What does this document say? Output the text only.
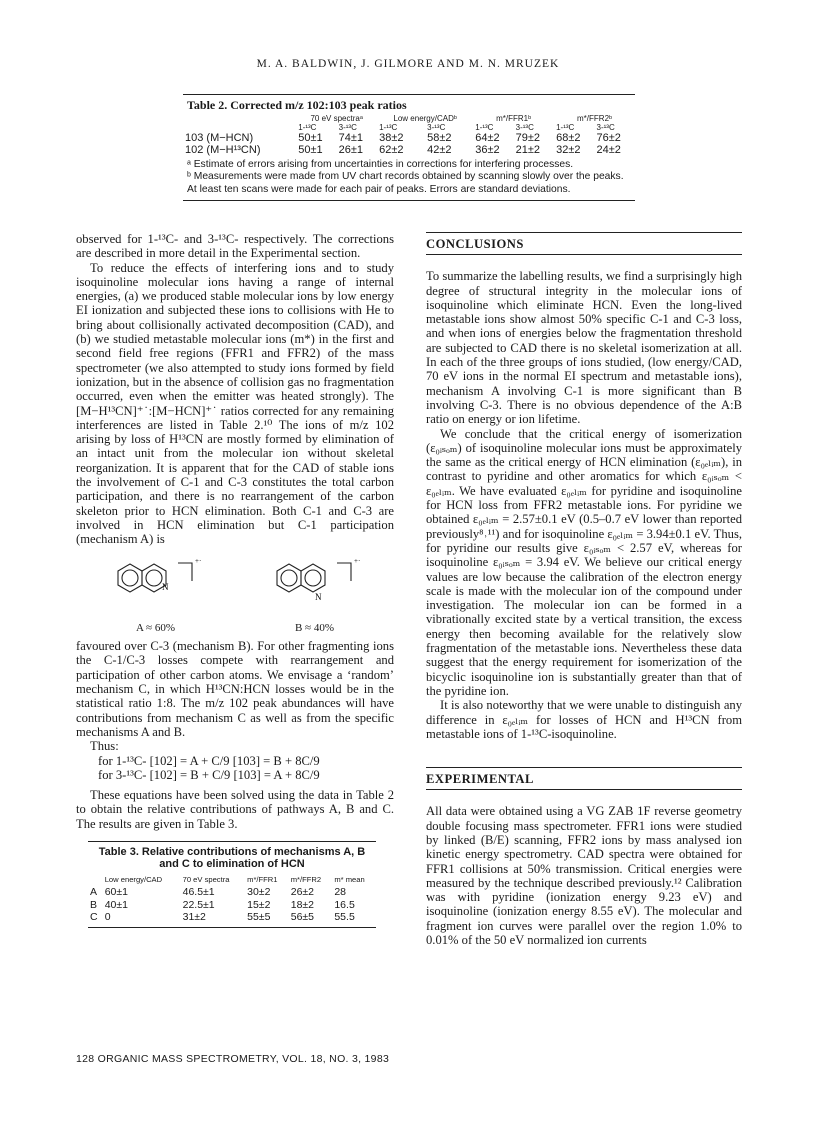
M. A. BALDWIN, J. GILMORE AND M. N. MRUZEK
Table 2. Corrected m/z 102:103 peak ratios
	70 eV spectraᵃ		Low energy/CADᵇ		m*/FFR1ᵇ		m*/FFR2ᵇ	
	1-¹³C	3-¹³C	1-¹³C	3-¹³C	1-¹³C	3-¹³C	1-¹³C	3-¹³C
103 (M−HCN)	50±1	74±1	38±2	58±2	64±2	79±2	68±2	76±2
102 (M−H¹³CN)	50±1	26±1	62±2	42±2	36±2	21±2	32±2	24±2
ᵃ Estimate of errors arising from uncertainties in corrections for interfering processes.
ᵇ Measurements were made from UV chart records obtained by scanning slowly over the peaks. At least ten scans were made for each pair of peaks. Errors are standard deviations.

observed for 1-¹³C- and 3-¹³C- respectively. The corrections are described in more detail in the Experimental section.

To reduce the effects of interfering ions and to study isoquinoline molecular ions having a range of internal energies, (a) we produced stable molecular ions by low energy EI ionization and subjected these ions to collisions with He to bring about collisionally activated decomposition (CAD), and (b) we studied metastable molecular ions (m*) in the first and second field free regions (FFR1 and FFR2) of the mass spectrometer (we also attempted to study ions formed by field ionization, but in the absence of collision gas no fragmentation occurred, even when the emitter was heated strongly). The [M−H¹³CN]⁺˙:[M−HCN]⁺˙ ratios corrected for any remaining interferences are listed in Table 2.¹⁰ The ions of m/z 102 arising by loss of H¹³CN are mostly formed by elimination of an intact unit from the molecular ion without skeletal reorganization. It is apparent that for the CAD of stable ions the involvement of C-1 and C-3 constitutes the total carbon participation, and there is no rearrangement of the carbon skeleton prior to HCN elimination. Both C-1 and C-3 are involved in HCN elimination but C-1 participation (mechanism A) is

N
+·
A ≈ 60%
N
+·
B ≈ 40%

favoured over C-3 (mechanism B). For other fragmenting ions the C-1/C-3 losses compete with rearrangement and participation of other carbon atoms. We envisage a ‘random’ mechanism C, in which H¹³CN:HCN losses would be in the statistical ratio 1:8. The m/z 102 peak abundances will have contributions from mechanism C as well as from the specific mechanisms A and B.

Thus:

for 1-¹³C- [102] = A + C/9 [103] = B + 8C/9

for 3-¹³C- [102] = B + C/9 [103] = A + 8C/9

These equations have been solved using the data in Table 2 to obtain the relative contributions of pathways A, B and C. The results are given in Table 3.

Table 3. Relative contributions of mechanisms A, B and C to elimination of HCN
	Low energy/CAD	70 eV spectra	m*/FFR1	m*/FFR2	m* mean
A	60±1	46.5±1	30±2	26±2	28
B	40±1	22.5±1	15±2	18±2	16.5
C	0	31±2	55±5	56±5	55.5
CONCLUSIONS

To summarize the labelling results, we find a surprisingly high degree of structural integrity in the molecular ions of isoquinoline which eliminate HCN. Even the long-lived metastable ions show almost 50% specific C-1 and C-3 loss, and when ions of energies below the fragmentation threshold are subjected to CAD there is no skeletal isomerization at all. In each of the three groups of ions studied, (low energy/CAD, 70 eV ions in the normal EI spectrum and metastable ions), mechanism A involving C-1 is more significant than B involving C-3. There is no obvious dependence of the A:B ratio on energy or ion lifetime.

We conclude that the critical energy of isomerization (ε₀ᵢₛₒₘ) of isoquinoline molecular ions must be approximately the same as the critical energy of HCN elimination (ε₀ₑₗᵢₘ), in contrast to pyridine and other aromatics for which ε₀ᵢₛₒₘ < ε₀ₑₗᵢₘ. We have evaluated ε₀ₑₗᵢₘ for pyridine and isoquinoline for HCN loss from FFR2 metastable ions. For pyridine we obtained ε₀ₑₗᵢₘ = 2.57±0.1 eV (0.5–0.7 eV lower than reported previously⁸˒¹¹) and for isoquinoline ε₀ₑₗᵢₘ = 3.94±0.1 eV. Thus, for pyridine our results give ε₀ᵢₛₒₘ < 2.57 eV, whereas for isoquinoline ε₀ᵢₛₒₘ = 3.94 eV. We believe our critical energy values are low because the calibration of the electron energy scale is made with the molecular ion of the compound under investigation. The molecular ion can be formed in a vibrationally excited state by a vertical transition, the excess energy then becoming available for the relatively slow fragmentation of the metastable ions. Nevertheless these data suggest that the energy requirement for isomerization of the bicyclic isoquinoline ion is substantially greater than that of the pyridine ion.

It is also noteworthy that we were unable to distinguish any difference in ε₀ₑₗᵢₘ for losses of HCN and H¹³CN from metastable ions of 1-¹³C-isoquinoline.

EXPERIMENTAL

All data were obtained using a VG ZAB 1F reverse geometry double focusing mass spectrometer. FFR1 ions were studied by linked (B/E) scanning, FFR2 ions by mass analysed ion kinetic energy spectrometry. CAD spectra were obtained for FFR1 collisions at 50% transmission. Critical energies were measured by the technique described previously.¹² Calibration was with pyridine (ionization energy 9.23 eV) and isoquinoline (ionization energy 8.55 eV). The molecular and fragment ion curves were parallel over the region 1.0% to 0.01% of the 50 eV normalized ion currents

128 ORGANIC MASS SPECTROMETRY, VOL. 18, NO. 3, 1983
